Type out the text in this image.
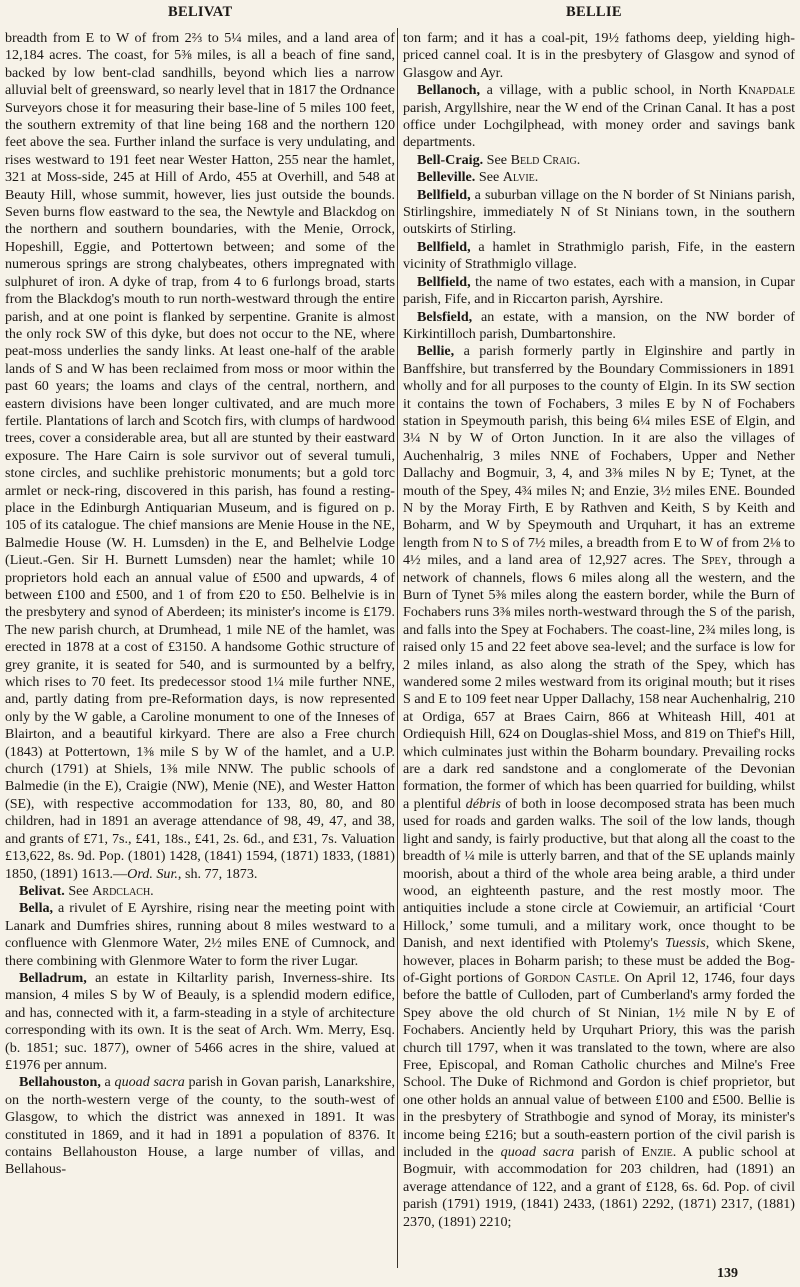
BELIVAT	BELLIE

breadth from E to W of from 2⅔ to 5¼ miles, and a land area of 12,184 acres. The coast, for 5⅜ miles, is all a beach of fine sand, backed by low bent-clad sandhills, beyond which lies a narrow alluvial belt of greensward, so nearly level that in 1817 the Ordnance Surveyors chose it for measuring their base-line of 5 miles 100 feet, the southern extremity of that line being 168 and the northern 120 feet above the sea. Further inland the surface is very undulating, and rises westward to 191 feet near Wester Hatton, 255 near the hamlet, 321 at Moss-side, 245 at Hill of Ardo, 455 at Overhill, and 548 at Beauty Hill, whose summit, however, lies just outside the bounds. Seven burns flow eastward to the sea, the Newtyle and Blackdog on the northern and southern boundaries, with the Menie, Orrock, Hopeshill, Eggie, and Pottertown between; and some of the numerous springs are strong chalybeates, others impregnated with sulphuret of iron. A dyke of trap, from 4 to 6 furlongs broad, starts from the Blackdog's mouth to run north-westward through the entire parish, and at one point is flanked by serpentine. Granite is almost the only rock SW of this dyke, but does not occur to the NE, where peat-moss underlies the sandy links. At least one-half of the arable lands of S and W has been reclaimed from moss or moor within the past 60 years; the loams and clays of the central, northern, and eastern divisions have been longer cultivated, and are much more fertile. Plantations of larch and Scotch firs, with clumps of hardwood trees, cover a considerable area, but all are stunted by their eastward exposure. The Hare Cairn is sole survivor out of several tumuli, stone circles, and suchlike prehistoric monuments; but a gold torc armlet or neck-ring, discovered in this parish, has found a resting-place in the Edinburgh Antiquarian Museum, and is figured on p. 105 of its catalogue. The chief mansions are Menie House in the NE, Balmedie House (W. H. Lumsden) in the E, and Belhelvie Lodge (Lieut.-Gen. Sir H. Burnett Lumsden) near the hamlet; while 10 proprietors hold each an annual value of £500 and upwards, 4 of between £100 and £500, and 1 of from £20 to £50. Belhelvie is in the presbytery and synod of Aberdeen; its minister's income is £179. The new parish church, at Drumhead, 1 mile NE of the hamlet, was erected in 1878 at a cost of £3150. A handsome Gothic structure of grey granite, it is seated for 540, and is surmounted by a belfry, which rises to 70 feet. Its predecessor stood 1¼ mile further NNE, and, partly dating from pre-Reformation days, is now represented only by the W gable, a Caroline monument to one of the Inneses of Blairton, and a beautiful kirkyard. There are also a Free church (1843) at Pottertown, 1⅜ mile S by W of the hamlet, and a U.P. church (1791) at Shiels, 1⅜ mile NNW. The public schools of Balmedie (in the E), Craigie (NW), Menie (NE), and Wester Hatton (SE), with respective accommodation for 133, 80, 80, and 80 children, had in 1891 an average attendance of 98, 49, 47, and 38, and grants of £71, 7s., £41, 18s., £41, 2s. 6d., and £31, 7s. Valuation £13,622, 8s. 9d. Pop. (1801) 1428, (1841) 1594, (1871) 1833, (1881) 1850, (1891) 1613.—Ord. Sur., sh. 77, 1873.

Belivat. See Ardclach.

Bella, a rivulet of E Ayrshire, rising near the meeting point with Lanark and Dumfries shires, running about 8 miles westward to a confluence with Glenmore Water, 2½ miles ENE of Cumnock, and there combining with Glenmore Water to form the river Lugar.

Belladrum, an estate in Kiltarlity parish, Inverness-shire. Its mansion, 4 miles S by W of Beauly, is a splendid modern edifice, and has, connected with it, a farm-steading in a style of architecture corresponding with its own. It is the seat of Arch. Wm. Merry, Esq. (b. 1851; suc. 1877), owner of 5466 acres in the shire, valued at £1976 per annum.

Bellahouston, a quoad sacra parish in Govan parish, Lanarkshire, on the north-western verge of the county, to the south-west of Glasgow, to which the district was annexed in 1891. It was constituted in 1869, and it had in 1891 a population of 8376. It contains Bellahouston House, a large number of villas, and Bellahous-

ton farm; and it has a coal-pit, 19½ fathoms deep, yielding high-priced cannel coal. It is in the presbytery of Glasgow and synod of Glasgow and Ayr.

Bellanoch, a village, with a public school, in North Knapdale parish, Argyllshire, near the W end of the Crinan Canal. It has a post office under Lochgilphead, with money order and savings bank departments.

Bell-Craig. See Beld Craig.

Belleville. See Alvie.

Bellfield, a suburban village on the N border of St Ninians parish, Stirlingshire, immediately N of St Ninians town, in the southern outskirts of Stirling.

Bellfield, a hamlet in Strathmiglo parish, Fife, in the eastern vicinity of Strathmiglo village.

Bellfield, the name of two estates, each with a mansion, in Cupar parish, Fife, and in Riccarton parish, Ayrshire.

Belsfield, an estate, with a mansion, on the NW border of Kirkintilloch parish, Dumbartonshire.

Bellie, a parish formerly partly in Elginshire and partly in Banffshire, but transferred by the Boundary Commissioners in 1891 wholly and for all purposes to the county of Elgin. In its SW section it contains the town of Fochabers, 3 miles E by N of Fochabers station in Speymouth parish, this being 6¼ miles ESE of Elgin, and 3¼ N by W of Orton Junction. In it are also the villages of Auchenhalrig, 3 miles NNE of Fochabers, Upper and Nether Dallachy and Bogmuir, 3, 4, and 3⅜ miles N by E; Tynet, at the mouth of the Spey, 4¾ miles N; and Enzie, 3½ miles ENE. Bounded N by the Moray Firth, E by Rathven and Keith, S by Keith and Boharm, and W by Speymouth and Urquhart, it has an extreme length from N to S of 7½ miles, a breadth from E to W of from 2⅛ to 4½ miles, and a land area of 12,927 acres. The Spey, through a network of channels, flows 6 miles along all the western, and the Burn of Tynet 5⅜ miles along the eastern border, while the Burn of Fochabers runs 3⅜ miles north-westward through the S of the parish, and falls into the Spey at Fochabers. The coast-line, 2¾ miles long, is raised only 15 and 22 feet above sea-level; and the surface is low for 2 miles inland, as also along the strath of the Spey, which has wandered some 2 miles westward from its original mouth; but it rises S and E to 109 feet near Upper Dallachy, 158 near Auchenhalrig, 210 at Ordiga, 657 at Braes Cairn, 866 at Whiteash Hill, 401 at Ordiequish Hill, 624 on Douglas-shiel Moss, and 819 on Thief's Hill, which culminates just within the Boharm boundary. Prevailing rocks are a dark red sandstone and a conglomerate of the Devonian formation, the former of which has been quarried for building, whilst a plentiful débris of both in loose decomposed strata has been much used for roads and garden walks. The soil of the low lands, though light and sandy, is fairly productive, but that along all the coast to the breadth of ¼ mile is utterly barren, and that of the SE uplands mainly moorish, about a third of the whole area being arable, a third under wood, an eighteenth pasture, and the rest mostly moor. The antiquities include a stone circle at Cowiemuir, an artificial ‘Court Hillock,’ some tumuli, and a military work, once thought to be Danish, and next identified with Ptolemy's Tuessis, which Skene, however, places in Boharm parish; to these must be added the Bog-of-Gight portions of Gordon Castle. On April 12, 1746, four days before the battle of Culloden, part of Cumberland's army forded the Spey above the old church of St Ninian, 1½ mile N by E of Fochabers. Anciently held by Urquhart Priory, this was the parish church till 1797, when it was translated to the town, where are also Free, Episcopal, and Roman Catholic churches and Milne's Free School. The Duke of Richmond and Gordon is chief proprietor, but one other holds an annual value of between £100 and £500. Bellie is in the presbytery of Strathbogie and synod of Moray, its minister's income being £216; but a south-eastern portion of the civil parish is included in the quoad sacra parish of Enzie. A public school at Bogmuir, with accommodation for 203 children, had (1891) an average attendance of 122, and a grant of £128, 6s. 6d. Pop. of civil parish (1791) 1919, (1841) 2433, (1861) 2292, (1871) 2317, (1881) 2370, (1891) 2210;

139
